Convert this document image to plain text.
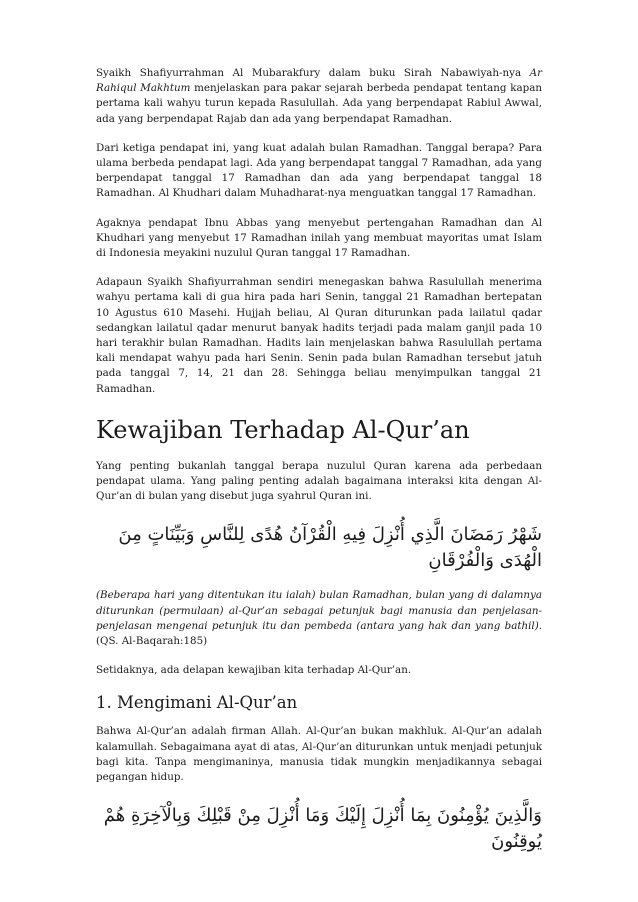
Syaikh Shafiyurrahman Al Mubarakfury dalam buku Sirah Nabawiyah-nya Ar Rahiqul Makhtum menjelaskan para pakar sejarah berbeda pendapat tentang kapan pertama kali wahyu turun kepada Rasulullah. Ada yang berpendapat Rabiul Awwal, ada yang berpendapat Rajab dan ada yang berpendapat Ramadhan.

Dari ketiga pendapat ini, yang kuat adalah bulan Ramadhan. Tanggal berapa? Para ulama berbeda pendapat lagi. Ada yang berpendapat tanggal 7 Ramadhan, ada yang berpendapat tanggal 17 Ramadhan dan ada yang berpendapat tanggal 18 Ramadhan. Al Khudhari dalam Muhadharat-nya menguatkan tanggal 17 Ramadhan.

Agaknya pendapat Ibnu Abbas yang menyebut pertengahan Ramadhan dan Al Khudhari yang menyebut 17 Ramadhan inilah yang membuat mayoritas umat Islam di Indonesia meyakini nuzulul Quran tanggal 17 Ramadhan.

Adapaun Syaikh Shafiyurrahman sendiri menegaskan bahwa Rasulullah menerima wahyu pertama kali di gua hira pada hari Senin, tanggal 21 Ramadhan bertepatan 10 Agustus 610 Masehi. Hujjah beliau, Al Quran diturunkan pada lailatul qadar sedangkan lailatul qadar menurut banyak hadits terjadi pada malam ganjil pada 10 hari terakhir bulan Ramadhan. Hadits lain menjelaskan bahwa Rasulullah pertama kali mendapat wahyu pada hari Senin. Senin pada bulan Ramadhan tersebut jatuh pada tanggal 7, 14, 21 dan 28. Sehingga beliau menyimpulkan tanggal 21 Ramadhan.

Kewajiban Terhadap Al-Qur’an

Yang penting bukanlah tanggal berapa nuzulul Quran karena ada perbedaan pendapat ulama. Yang paling penting adalah bagaimana interaksi kita dengan Al-Qur’an di bulan yang disebut juga syahrul Quran ini.

شَهْرُ رَمَضَانَ الَّذِي أُنْزِلَ فِيهِ الْقُرْآنُ هُدًى لِلنَّاسِ وَبَيِّنَاتٍ مِنَ الْهُدَى وَالْفُرْقَانِ

(Beberapa hari yang ditentukan itu ialah) bulan Ramadhan, bulan yang di dalamnya diturunkan (permulaan) al-Qur’an sebagai petunjuk bagi manusia dan penjelasan-penjelasan mengenai petunjuk itu dan pembeda (antara yang hak dan yang bathil). (QS. Al-Baqarah:185)

Setidaknya, ada delapan kewajiban kita terhadap Al-Qur’an.

1. Mengimani Al-Qur’an

Bahwa Al-Qur’an adalah firman Allah. Al-Qur’an bukan makhluk. Al-Qur’an adalah kalamullah. Sebagaimana ayat di atas, Al-Qur’an diturunkan untuk menjadi petunjuk bagi kita. Tanpa mengimaninya, manusia tidak mungkin menjadikannya sebagai pegangan hidup.

وَالَّذِينَ يُؤْمِنُونَ بِمَا أُنْزِلَ إِلَيْكَ وَمَا أُنْزِلَ مِنْ قَبْلِكَ وَبِالْآخِرَةِ هُمْ يُوقِنُونَ
